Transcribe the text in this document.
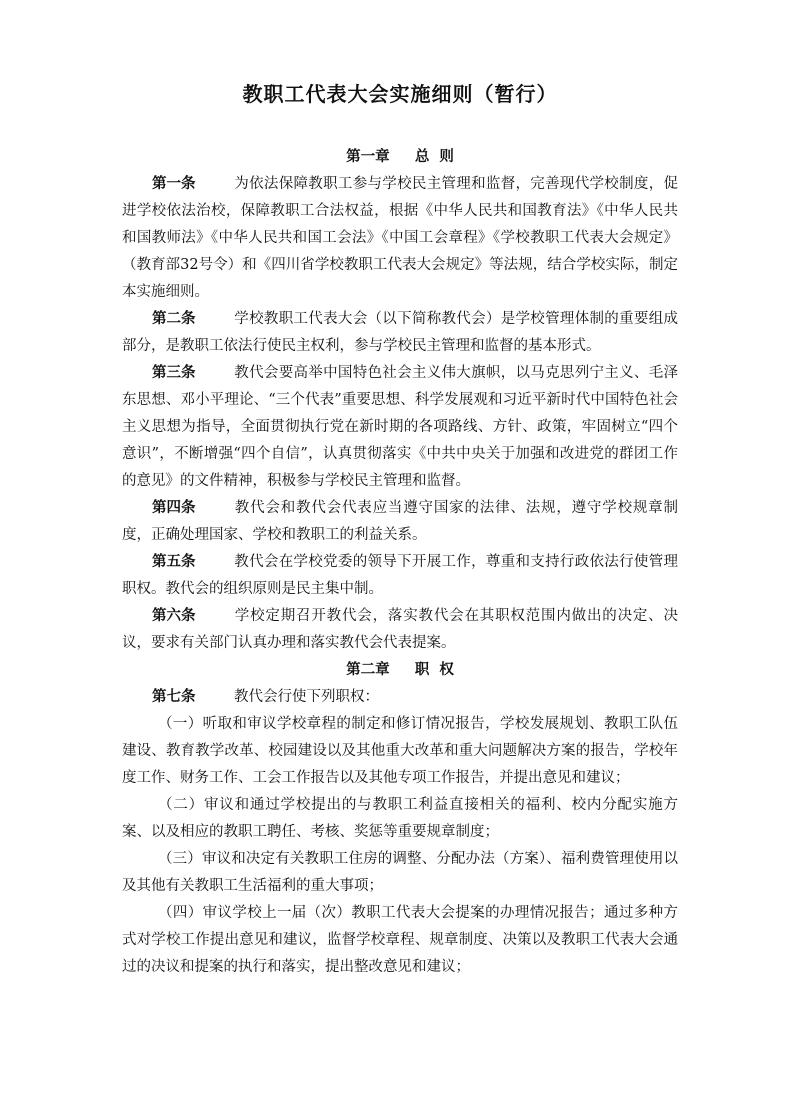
教职工代表大会实施细则（暂行）
第一章     总  则

第一条	为依法保障教职工参与学校民主管理和监督，完善现代学校制度，促进学校依法治校，保障教职工合法权益，根据《中华人民共和国教育法》《中华人民共和国教师法》《中华人民共和国工会法》《中国工会章程》《学校教职工代表大会规定》（教育部32号令）和《四川省学校教职工代表大会规定》等法规，结合学校实际，制定本实施细则。

第二条	学校教职工代表大会（以下简称教代会）是学校管理体制的重要组成部分，是教职工依法行使民主权利，参与学校民主管理和监督的基本形式。

第三条	教代会要高举中国特色社会主义伟大旗帜，以马克思列宁主义、毛泽东思想、邓小平理论、“三个代表”重要思想、科学发展观和习近平新时代中国特色社会主义思想为指导，全面贯彻执行党在新时期的各项路线、方针、政策，牢固树立“四个意识”，不断增强“四个自信”，认真贯彻落实《中共中央关于加强和改进党的群团工作的意见》的文件精神，积极参与学校民主管理和监督。

第四条	教代会和教代会代表应当遵守国家的法律、法规，遵守学校规章制度，正确处理国家、学校和教职工的利益关系。

第五条	教代会在学校党委的领导下开展工作，尊重和支持行政依法行使管理职权。教代会的组织原则是民主集中制。

第六条	学校定期召开教代会，落实教代会在其职权范围内做出的决定、决议，要求有关部门认真办理和落实教代会代表提案。

第二章     职  权

第七条	教代会行使下列职权：

（一）听取和审议学校章程的制定和修订情况报告，学校发展规划、教职工队伍建设、教育教学改革、校园建设以及其他重大改革和重大问题解决方案的报告，学校年度工作、财务工作、工会工作报告以及其他专项工作报告，并提出意见和建议；

（二）审议和通过学校提出的与教职工利益直接相关的福利、校内分配实施方案、以及相应的教职工聘任、考核、奖惩等重要规章制度；

（三）审议和决定有关教职工住房的调整、分配办法（方案）、福利费管理使用以及其他有关教职工生活福利的重大事项；

（四）审议学校上一届（次）教职工代表大会提案的办理情况报告；通过多种方式对学校工作提出意见和建议，监督学校章程、规章制度、决策以及教职工代表大会通过的决议和提案的执行和落实，提出整改意见和建议；
